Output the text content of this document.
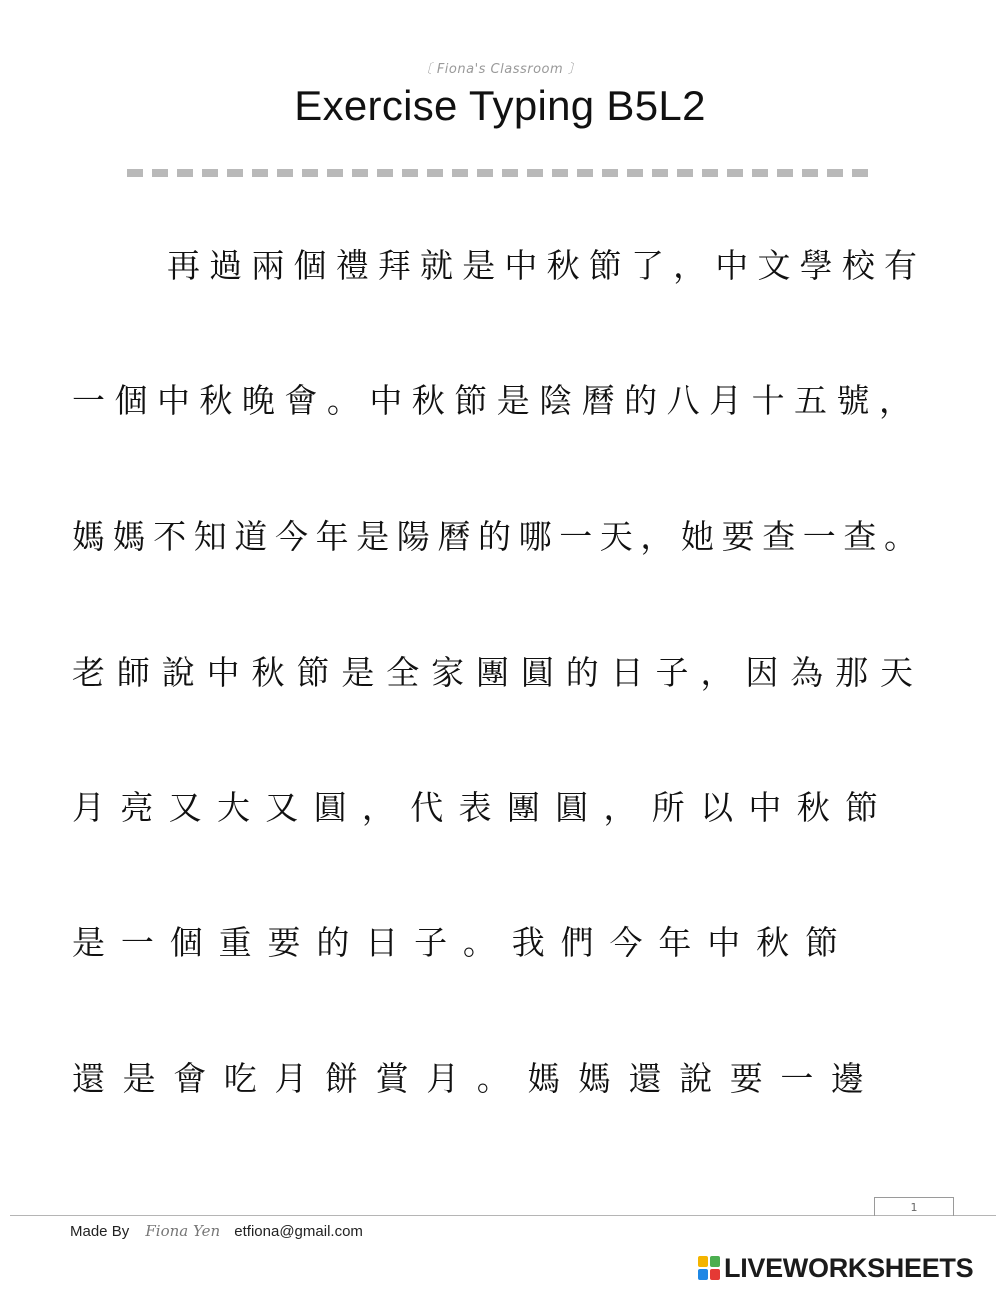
〔 Fiona's Classroom 〕
Exercise Typing B5L2
再 過 兩 個 禮 拜 就 是 中 秋 節 了 ， 中 文 學 校 有
一 個 中 秋 晚 會 。 中 秋 節 是 陰 曆 的 八 月 十 五 號 ，
媽 媽 不 知 道 今 年 是 陽 曆 的 哪 一 天 ， 她 要 查 一 查 。
老 師 說 中 秋 節 是 全 家 團 圓 的 日 子 ， 因 為 那 天
月 亮 又 大 又 圓 ， 代 表 團 圓 ， 所 以 中 秋 節
是 一 個 重 要 的 日 子 。 我 們 今 年 中 秋 節
還 是 會 吃 月 餅 賞 月 。 媽 媽 還 說 要 一 邊
1
Made By Fiona Yen etfiona@gmail.com
LIVEWORKSHEETS
